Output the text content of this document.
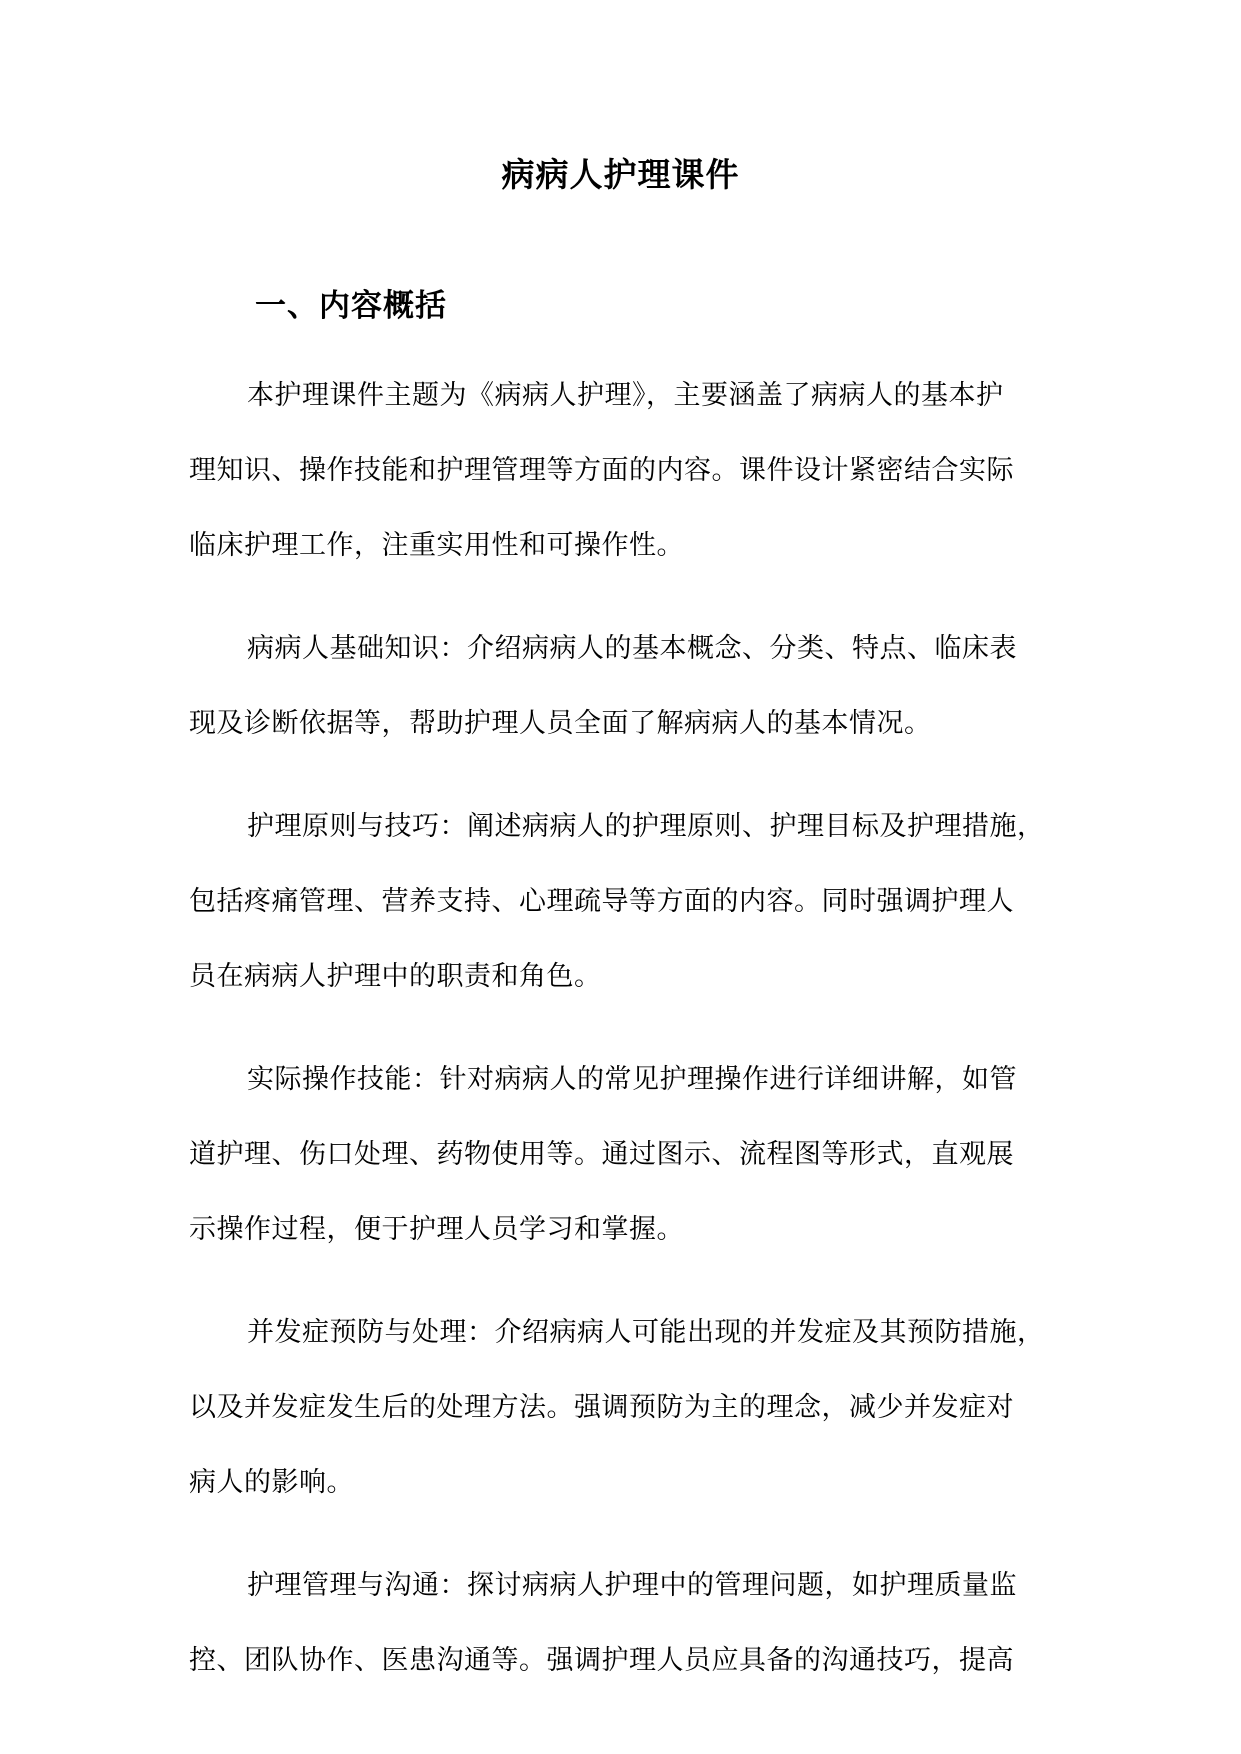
病病人护理课件
一、内容概括

本护理课件主题为《病病人护理》，主要涵盖了病病人的基本护
理知识、操作技能和护理管理等方面的内容。课件设计紧密结合实际
临床护理工作，注重实用性和可操作性。

病病人基础知识：介绍病病人的基本概念、分类、特点、临床表
现及诊断依据等，帮助护理人员全面了解病病人的基本情况。

护理原则与技巧：阐述病病人的护理原则、护理目标及护理措施，
包括疼痛管理、营养支持、心理疏导等方面的内容。同时强调护理人
员在病病人护理中的职责和角色。

实际操作技能：针对病病人的常见护理操作进行详细讲解，如管
道护理、伤口处理、药物使用等。通过图示、流程图等形式，直观展
示操作过程，便于护理人员学习和掌握。

并发症预防与处理：介绍病病人可能出现的并发症及其预防措施，
以及并发症发生后的处理方法。强调预防为主的理念，减少并发症对
病人的影响。

护理管理与沟通：探讨病病人护理中的管理问题，如护理质量监
控、团队协作、医患沟通等。强调护理人员应具备的沟通技巧，提高
